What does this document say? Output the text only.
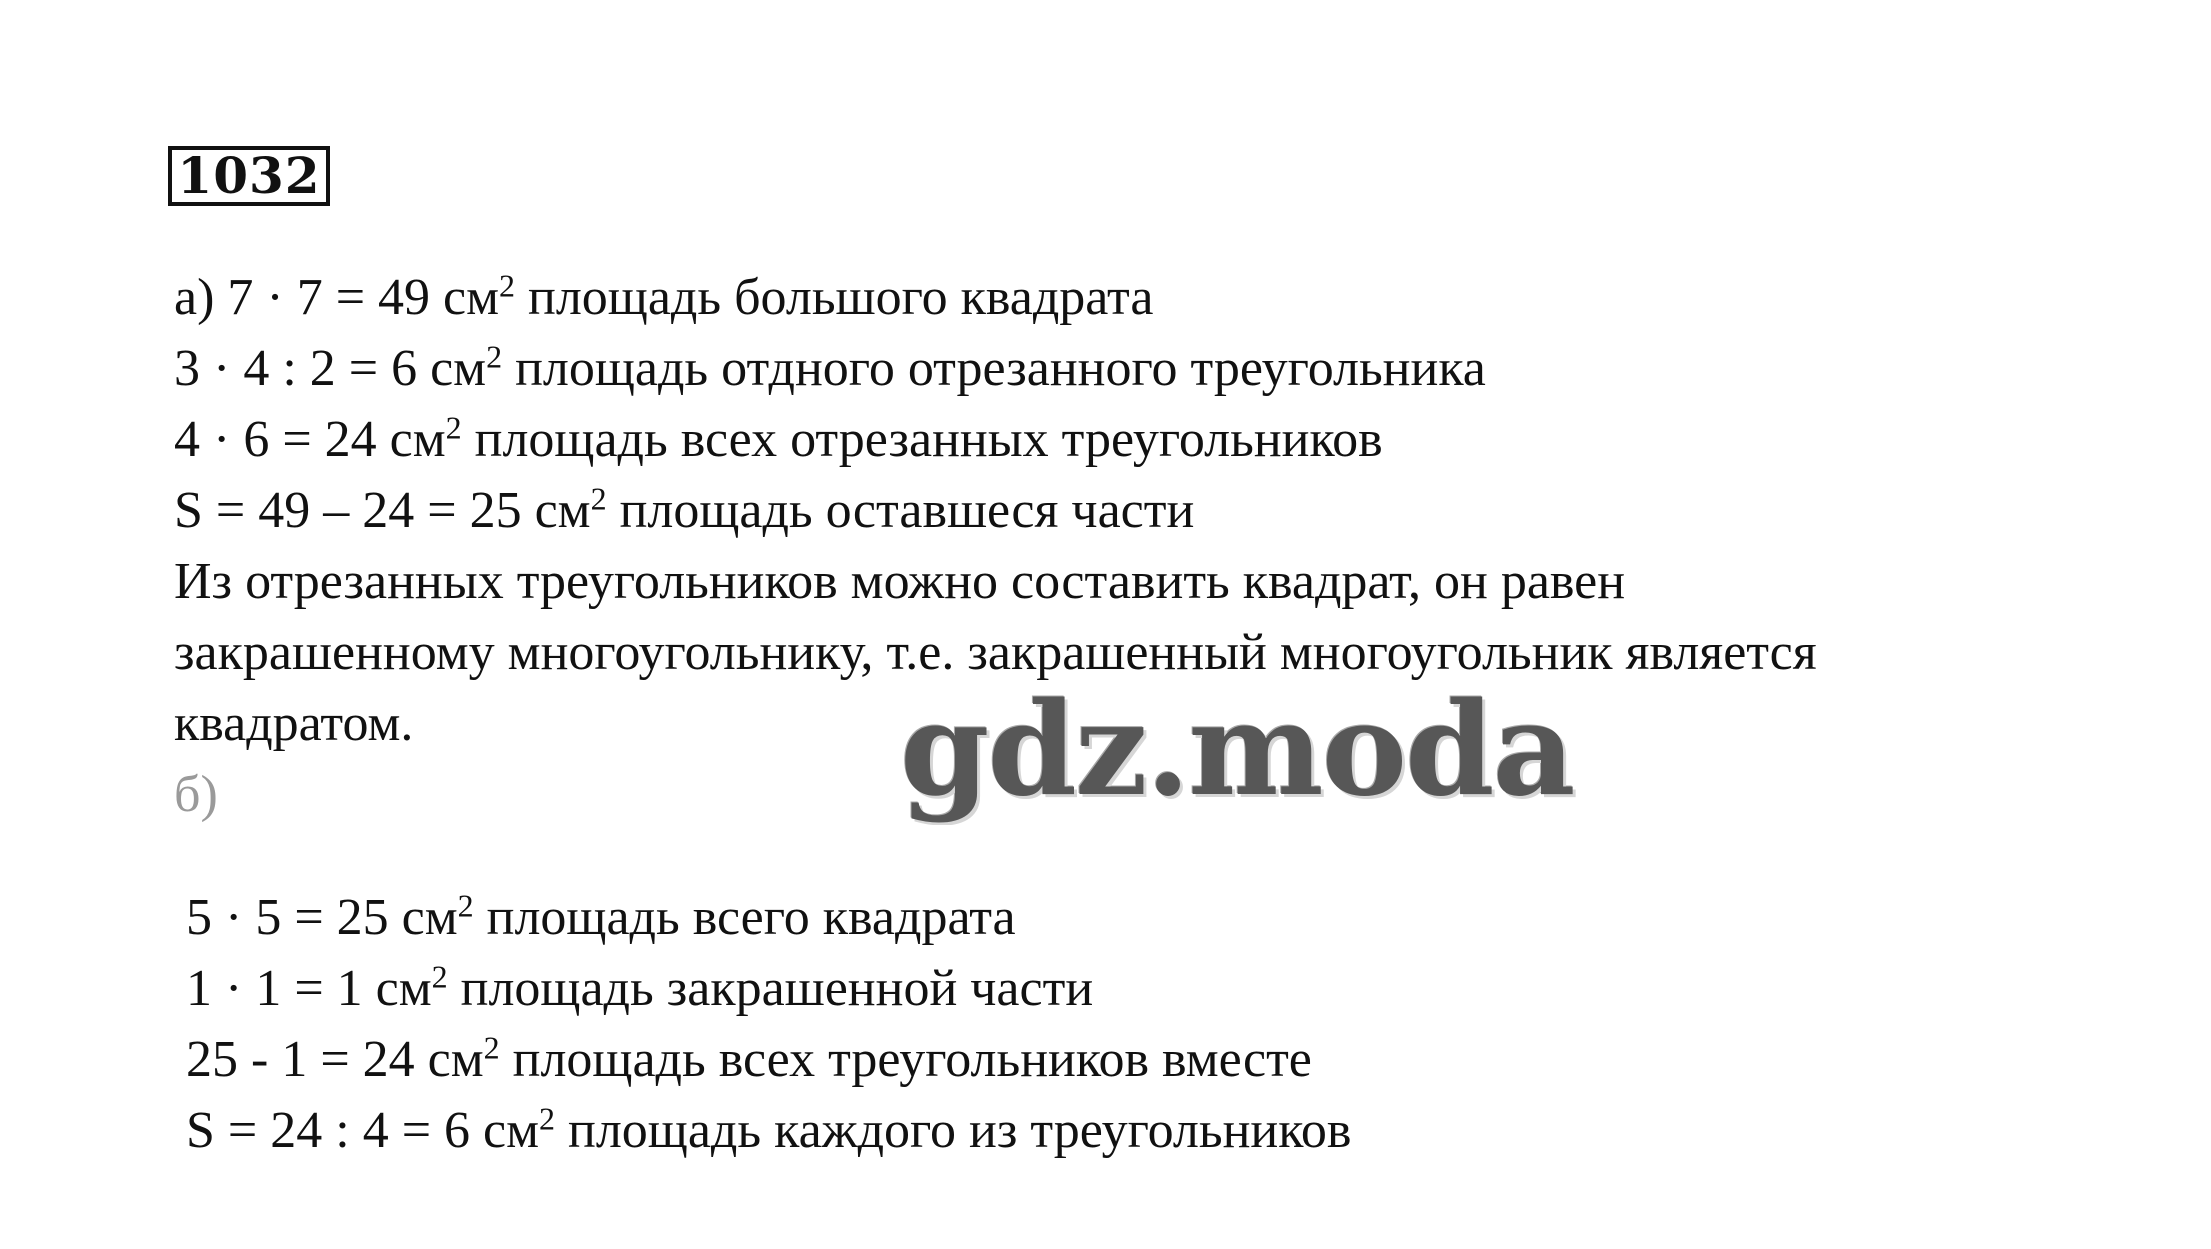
1032
а) 7 · 7 = 49 $см^2$ площадь большого квадрата
3 · 4 : 2 = 6 $см^2$ площадь отдного отрезанного треугольника
4 · 6 = 24 $см^2$ площадь всех отрезанных треугольников
S = 49 – 24 = 25 $см^2$ площадь оставшеся части
Из отрезанных треугольников можно составить квадрат, он равен
закрашенному многоугольнику, т.е. закрашенный многоугольник является
квадратом.
б)	gdz.moda
5 · 5 = 25 $см^2$ площадь всего квадрата
1 · 1 = 1 $см^2$ площадь закрашенной части
25 - 1 = 24 $см^2$ площадь всех треугольников вместе
S = 24 : 4 = 6 $см^2$ площадь каждого из треугольников
